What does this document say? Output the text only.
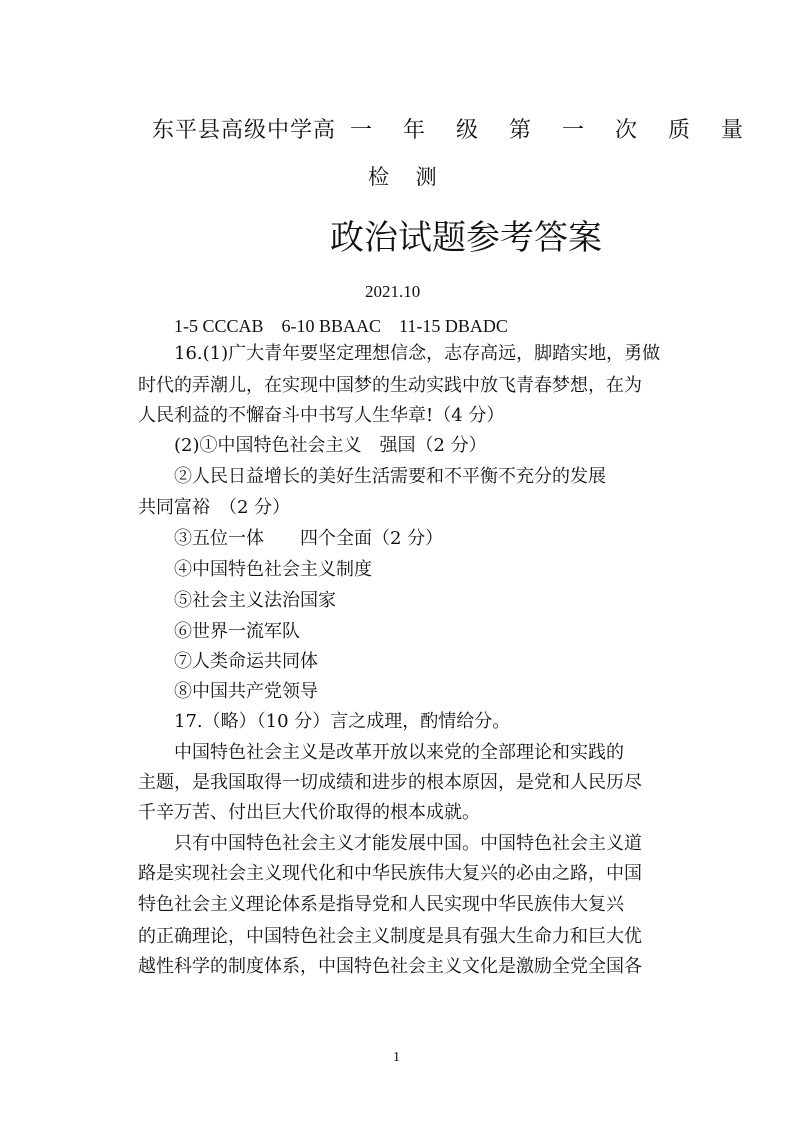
东平县高级中学高 一 年 级 第 一 次 质 量
检 测
政治试题参考答案
2021.10
1-5 CCCAB 6-10 BBAAC 11-15 DBADC
16.(1)广大青年要坚定理想信念，志存高远，脚踏实地，勇做
时代的弄潮儿，在实现中国梦的生动实践中放飞青春梦想，在为
人民利益的不懈奋斗中书写人生华章!（4 分）
(2)①中国特色社会主义　强国（2 分）
②人民日益增长的美好生活需要和不平衡不充分的发展
共同富裕　（2 分）
③五位一体　　四个全面（2 分）
④中国特色社会主义制度
⑤社会主义法治国家
⑥世界一流军队
⑦人类命运共同体
⑧中国共产党领导
17.（略）（10 分）言之成理，酌情给分。
中国特色社会主义是改革开放以来党的全部理论和实践的
主题，是我国取得一切成绩和进步的根本原因，是党和人民历尽
千辛万苦、付出巨大代价取得的根本成就。
只有中国特色社会主义才能发展中国。中国特色社会主义道
路是实现社会主义现代化和中华民族伟大复兴的必由之路，中国
特色社会主义理论体系是指导党和人民实现中华民族伟大复兴
的正确理论，中国特色社会主义制度是具有强大生命力和巨大优
越性科学的制度体系，中国特色社会主义文化是激励全党全国各
1
